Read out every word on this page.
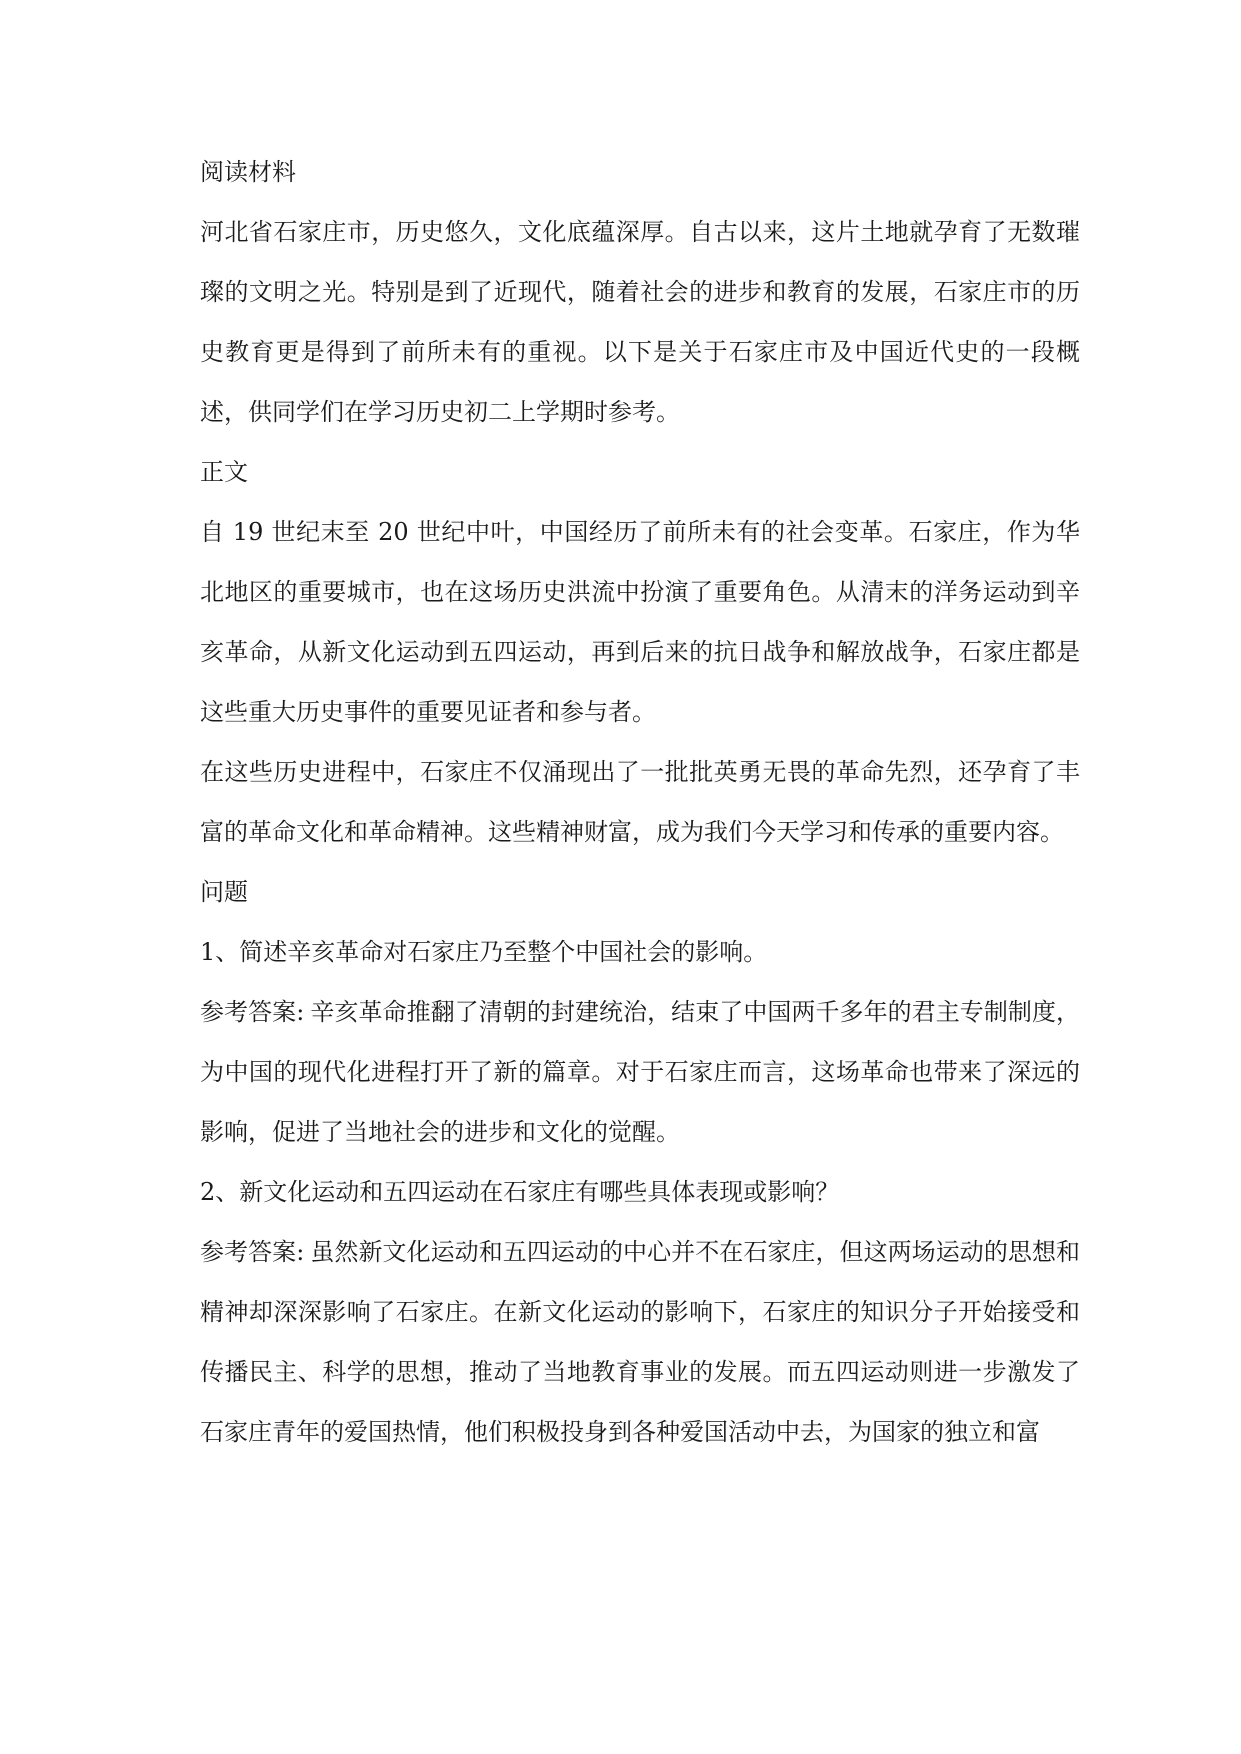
阅读材料

河北省石家庄市，历史悠久，文化底蕴深厚。自古以来，这片土地就孕育了无数璀璨的文明之光。特别是到了近现代，随着社会的进步和教育的发展，石家庄市的历史教育更是得到了前所未有的重视。以下是关于石家庄市及中国近代史的一段概述，供同学们在学习历史初二上学期时参考。

正文

自 19 世纪末至 20 世纪中叶，中国经历了前所未有的社会变革。石家庄，作为华北地区的重要城市，也在这场历史洪流中扮演了重要角色。从清末的洋务运动到辛亥革命，从新文化运动到五四运动，再到后来的抗日战争和解放战争，石家庄都是这些重大历史事件的重要见证者和参与者。

在这些历史进程中，石家庄不仅涌现出了一批批英勇无畏的革命先烈，还孕育了丰富的革命文化和革命精神。这些精神财富，成为我们今天学习和传承的重要内容。

问题

1、简述辛亥革命对石家庄乃至整个中国社会的影响。

参考答案: 辛亥革命推翻了清朝的封建统治，结束了中国两千多年的君主专制制度，为中国的现代化进程打开了新的篇章。对于石家庄而言，这场革命也带来了深远的影响，促进了当地社会的进步和文化的觉醒。

2、新文化运动和五四运动在石家庄有哪些具体表现或影响？

参考答案: 虽然新文化运动和五四运动的中心并不在石家庄，但这两场运动的思想和精神却深深影响了石家庄。在新文化运动的影响下，石家庄的知识分子开始接受和传播民主、科学的思想，推动了当地教育事业的发展。而五四运动则进一步激发了石家庄青年的爱国热情，他们积极投身到各种爱国活动中去，为国家的独立和富
